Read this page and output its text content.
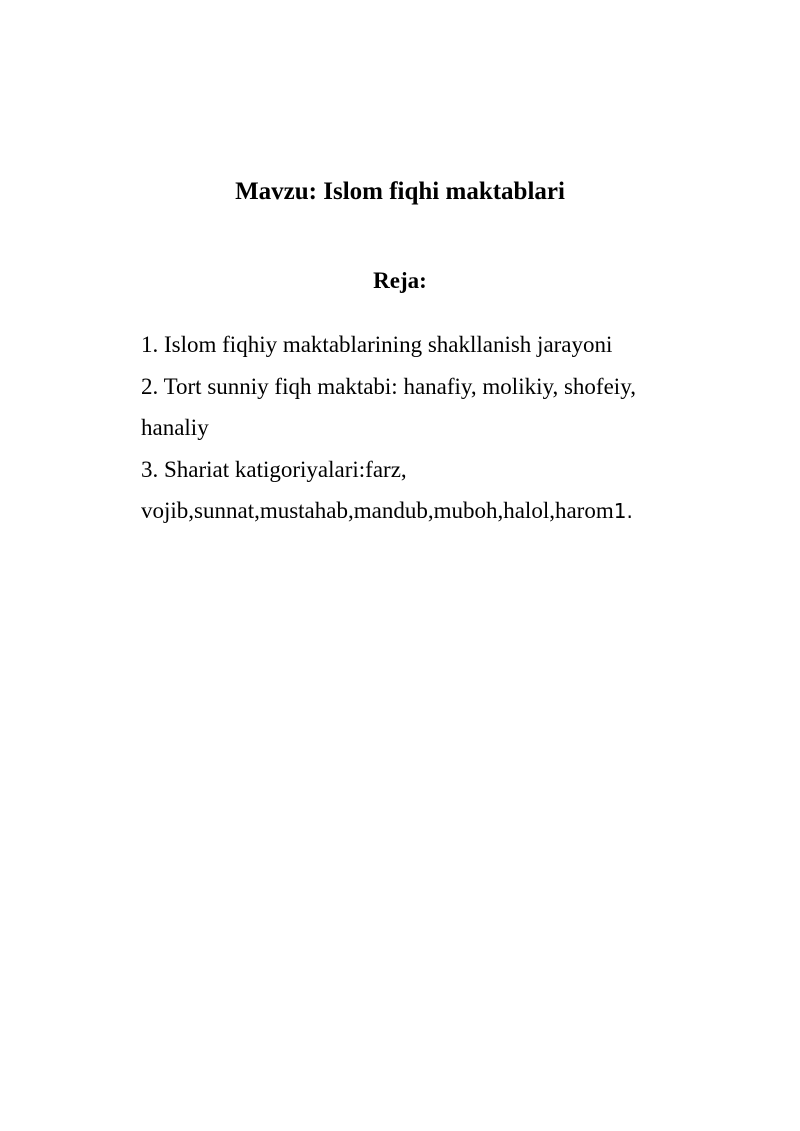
Mavzu: Islom fiqhi maktablari
Reja:
1. Islom fiqhiy maktablarining shakllanish jarayoni
2. Tort sunniy fiqh maktabi: hanafiy, molikiy, shofeiy, hanaliy
3. Shariat katigoriyalari:farz, vojib,sunnat,mustahab,mandub,muboh,halol,harom1.
